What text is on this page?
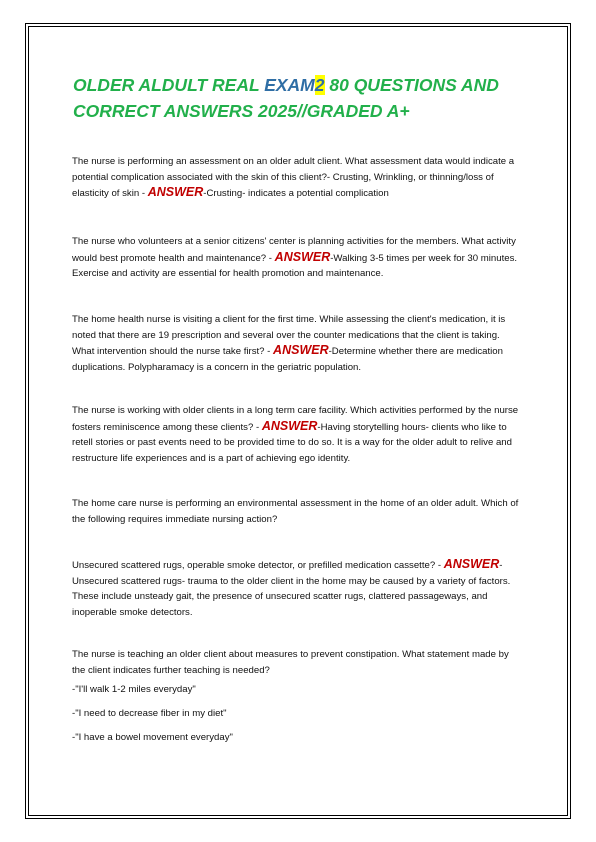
OLDER ALDULT REAL EXAM2 80 QUESTIONS AND
CORRECT ANSWERS 2025//GRADED A+

The nurse is performing an assessment on an older adult client. What assessment data would indicate a potential complication associated with the skin of this client?- Crusting, Wrinkling, or thinning/loss of elasticity of skin - ANSWER-Crusting- indicates a potential complication

The nurse who volunteers at a senior citizens' center is planning activities for the members. What activity would best promote health and maintenance? - ANSWER-Walking 3-5 times per week for 30 minutes. Exercise and activity are essential for health promotion and maintenance.

The home health nurse is visiting a client for the first time. While assessing the client's medication, it is noted that there are 19 prescription and several over the counter medications that the client is taking. What intervention should the nurse take first? - ANSWER-Determine whether there are medication duplications. Polypharamacy is a concern in the geriatric population.

The nurse is working with older clients in a long term care facility. Which activities performed by the nurse fosters reminiscence among these clients? - ANSWER-Having storytelling hours- clients who like to retell stories or past events need to be provided time to do so. It is a way for the older adult to relive and restructure life experiences and is a part of achieving ego identity.

The home care nurse is performing an environmental assessment in the home of an older adult. Which of the following requires immediate nursing action?

Unsecured scattered rugs, operable smoke detector, or prefilled medication cassette? - ANSWER-Unsecured scattered rugs- trauma to the older client in the home may be caused by a variety of factors. These include unsteady gait, the presence of unsecured scatter rugs, clattered passageways, and inoperable smoke detectors.

The nurse is teaching an older client about measures to prevent constipation. What statement made by the client indicates further teaching is needed?

-"I'll walk 1-2 miles everyday"

-"I need to decrease fiber in my diet"

-"I have a bowel movement everyday"
